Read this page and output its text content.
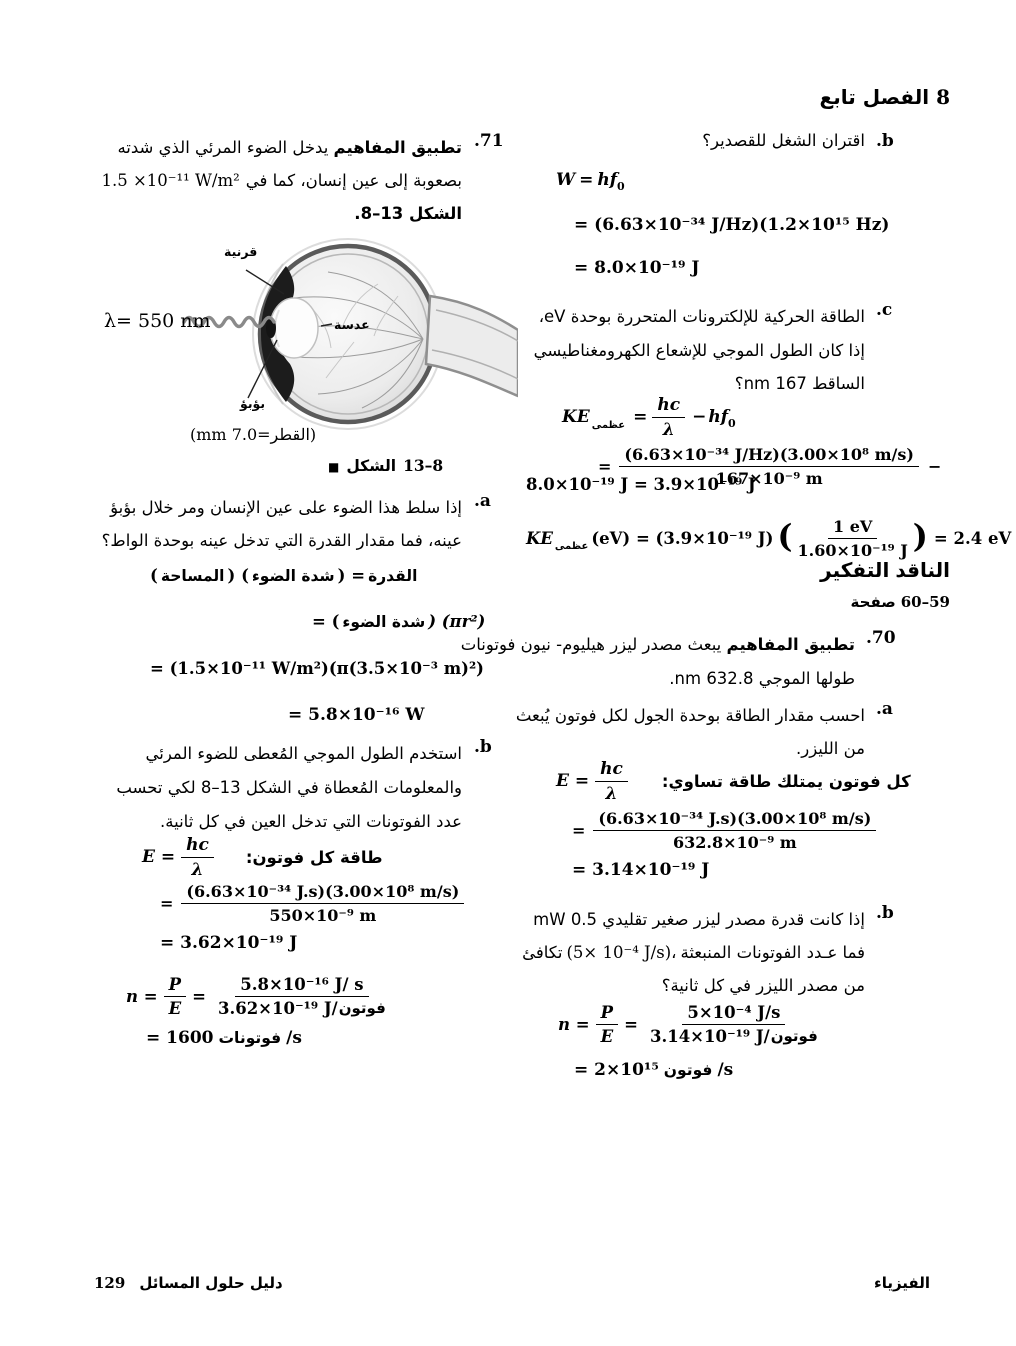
تابع الفصل 8
.b
اقتران الشغل للقصدير؟
W = hf 0
= (6.63×10⁻³⁴ J/Hz)(1.2×10¹⁵ Hz)
= 8.0×10⁻¹⁹ J
.c
الطاقة الحركية للإلكترونات المتحررة بوحدة eV،
إذا كان الطول الموجي للإشعاع الكهرومغناطيسي
الساقط 167 nm؟
KE عظمى = $\frac{hc}{\lambda}$ − hf 0
= $\frac{\text{(6.63×10⁻³⁴ J/Hz)(3.00×10⁸ m/s)}}{\text{167×10⁻⁹ m}}$ −
8.0×10⁻¹⁹ J = 3.9×10⁻¹⁹ J
KE عظمى (eV) = (3.9×10⁻¹⁹ J) ( $\frac{1 eV}{\text{1.60×10⁻¹⁹ J}}$ ) = 2.4 eV
التفكير الناقد
صفحة 60–59
.70
تطبيق المفاهيم يبعث مصدر ليزر هيليوم- نيون فوتونات
طولها الموجي 632.8 nm.
.a
احسب مقدار الطاقة بوحدة الجول لكل فوتون يُبعث
من الليزر.
$E = \frac{hc}{\lambda}$ كل فوتون يمتلك طاقة تساوي:
= $\frac{\text{(6.63×10⁻³⁴ J.s)(3.00×10⁸ m/s)}}{\text{632.8×10⁻⁹ m}}$
= 3.14×10⁻¹⁹ J
.b
إذا كانت قدرة مصدر ليزر صغير تقليدي 0.5 mW
تكافئ (5× 10⁻⁴ J/s)، فما عـدد الفوتونات المنبعثة
من مصدر الليزر في كل ثانية؟
$n = \frac{P}{E} = \frac{\text{5×10⁻⁴ J/s}}{\text{3.14×10⁻¹⁹ J/ فوتون}}$
= 2×10¹⁵ فوتون /s
.71
تطبيق المفاهيم يدخل الضوء المرئي الذي شدته
1.5 ×10⁻¹¹ W/m² بصعوبة إلى عين إنسان، كما في
الشكل 13–8.
λ= 550 nm
قرنية
عدسة
بؤبؤ
(القطر=7.0 mm)
■ الشكل 13–8
.a
إذا سلط هذا الضوء على عين الإنسان ومر خلال بؤبؤ
عينه، فما مقدار القدرة التي تدخل عينه بوحدة الواط؟
( المساحة ) ( شدة الضوء ) = القدرة
= ( شدة الضوء ) (πr²)
= (1.5×10⁻¹¹ W/m²)(π(3.5×10⁻³ m)²)
= 5.8×10⁻¹⁶ W
.b
استخدم الطول الموجي المُعطى للضوء المرئي
والمعلومات المُعطاة في الشكل 13–8 لكي تحسب
عدد الفوتونات التي تدخل العين في كل ثانية.
$E = \frac{hc}{\lambda}$ طاقة كل فوتون:
= $\frac{\text{(6.63×10⁻³⁴ J.s)(3.00×10⁸ m/s)}}{\text{550×10⁻⁹ m}}$
= 3.62×10⁻¹⁹ J
$n = \frac{P}{E} = \frac{\text{5.8×10⁻¹⁶ J/ s}}{\text{3.62×10⁻¹⁹ J/ فوتون}}$
= 1600 فوتونات /s
129 دليل حلول المسائل	الفيزياء
